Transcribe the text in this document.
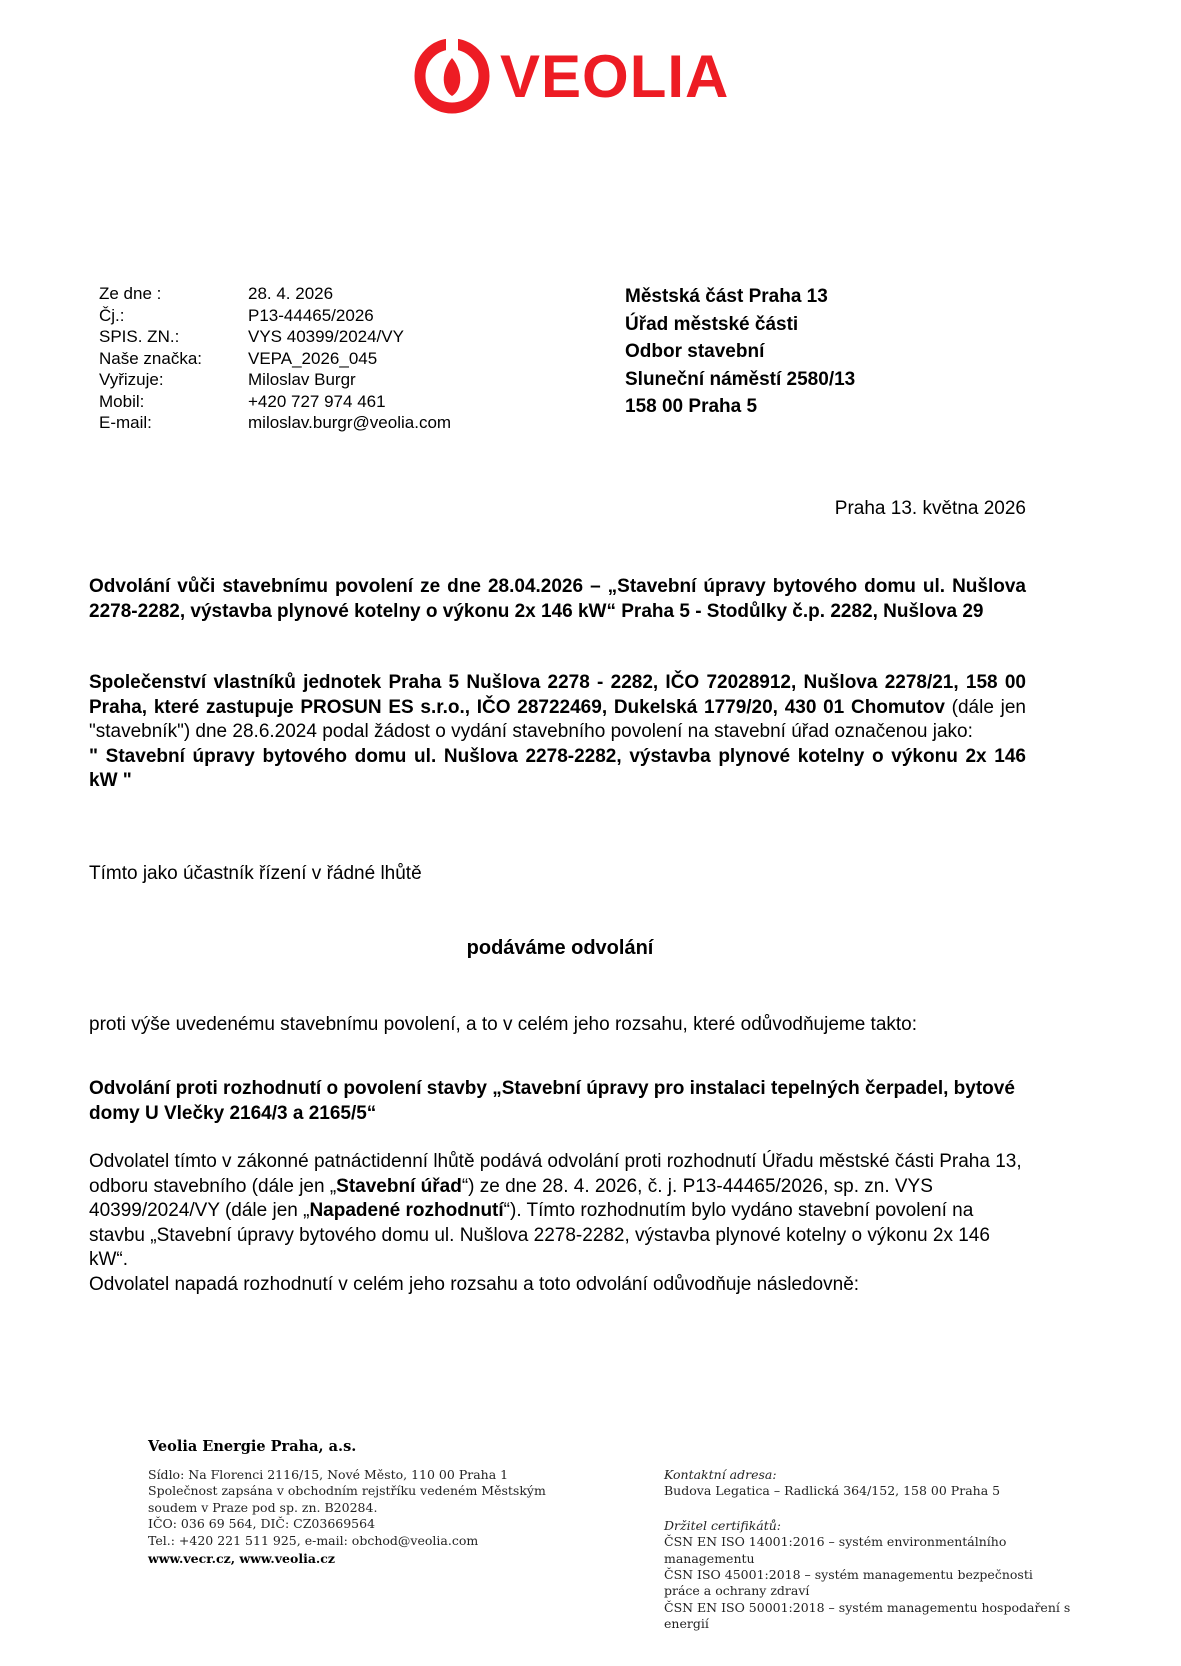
VEOLIA
Ze dne :	28. 4. 2026
Čj.:	P13-44465/2026
SPIS. ZN.:	VYS 40399/2024/VY
Naše značka:	VEPA_2026_045
Vyřizuje:	Miloslav Burgr
Mobil:	+420 727 974 461
E-mail:	miloslav.burgr@veolia.com
Městská část Praha 13
Úřad městské části
Odbor stavební
Sluneční náměstí 2580/13
158 00 Praha 5
Praha 13. května 2026
Odvolání vůči stavebnímu povolení ze dne 28.04.2026 – „Stavební úpravy bytového domu ul. Nušlova 2278-2282, výstavba plynové kotelny o výkonu 2x 146 kW“ Praha 5 - Stodůlky č.p. 2282, Nušlova 29
Společenství vlastníků jednotek Praha 5 Nušlova 2278 - 2282, IČO 72028912, Nušlova 2278/21, 158 00 Praha, které zastupuje PROSUN ES s.r.o., IČO 28722469, Dukelská 1779/20, 430 01 Chomutov (dále jen "stavebník") dne 28.6.2024 podal žádost o vydání stavebního povolení na stavební úřad označenou jako:
" Stavební úpravy bytového domu ul. Nušlova 2278-2282, výstavba plynové kotelny o výkonu 2x 146 kW "
Tímto jako účastník řízení v řádné lhůtě
podáváme odvolání
proti výše uvedenému stavebnímu povolení, a to v celém jeho rozsahu, které odůvodňujeme takto:
Odvolání proti rozhodnutí o povolení stavby „Stavební úpravy pro instalaci tepelných čerpadel, bytové domy U Vlečky 2164/3 a 2165/5“
Odvolatel tímto v zákonné patnáctidenní lhůtě podává odvolání proti rozhodnutí Úřadu městské části Praha 13, odboru stavebního (dále jen „Stavební úřad“) ze dne 28. 4. 2026, č. j. P13-44465/2026, sp. zn. VYS 40399/2024/VY (dále jen „Napadené rozhodnutí“). Tímto rozhodnutím bylo vydáno stavební povolení na stavbu „Stavební úpravy bytového domu ul. Nušlova 2278-2282, výstavba plynové kotelny o výkonu 2x 146 kW“.
Odvolatel napadá rozhodnutí v celém jeho rozsahu a toto odvolání odůvodňuje následovně:
Veolia Energie Praha, a.s.
Sídlo: Na Florenci 2116/15, Nové Město, 110 00 Praha 1
Společnost zapsána v obchodním rejstříku vedeném Městským soudem v Praze pod sp. zn. B20284.
IČO: 036 69 564, DIČ: CZ03669564
Tel.: +420 221 511 925, e-mail: obchod@veolia.com
www.vecr.cz, www.veolia.cz
Kontaktní adresa:
Budova Legatica – Radlická 364/152, 158 00 Praha 5
Držitel certifikátů:
ČSN EN ISO 14001:2016 – systém environmentálního managementu
ČSN ISO 45001:2018 – systém managementu bezpečnosti práce a ochrany zdraví
ČSN EN ISO 50001:2018 – systém managementu hospodaření s energií
